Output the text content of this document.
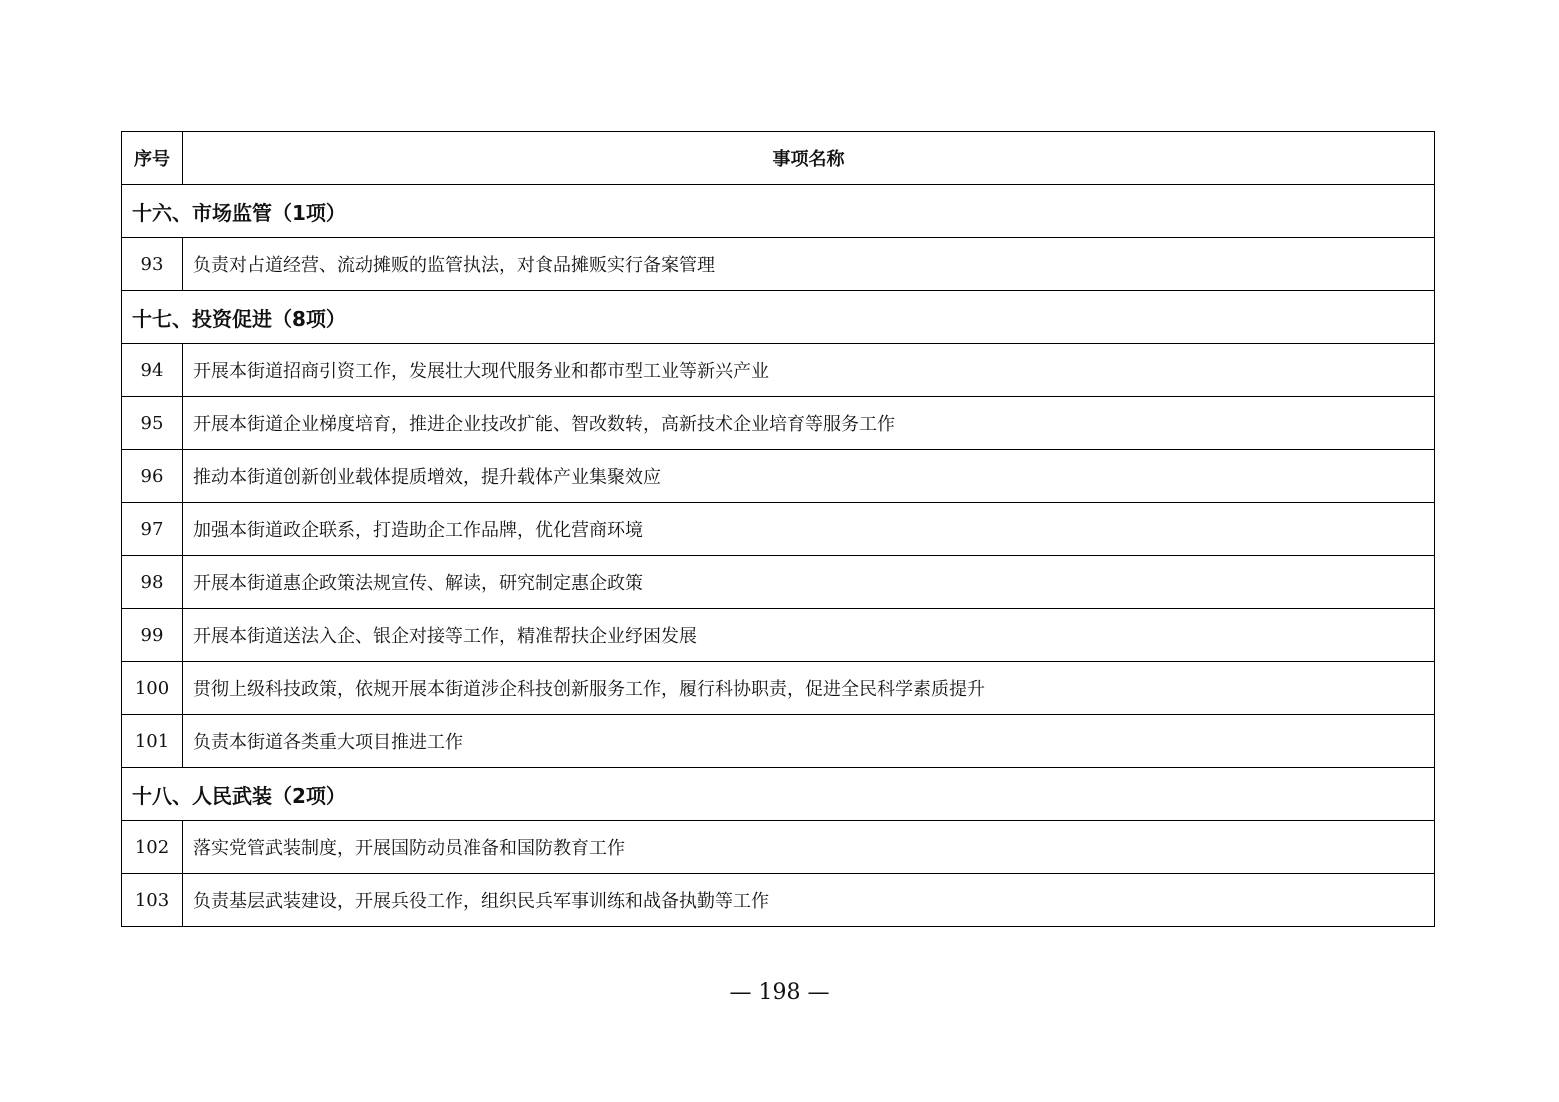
序号	事项名称
十六、市场监管（1项）	
93	负责对占道经营、流动摊贩的监管执法，对食品摊贩实行备案管理
十七、投资促进（8项）	
94	开展本街道招商引资工作，发展壮大现代服务业和都市型工业等新兴产业
95	开展本街道企业梯度培育，推进企业技改扩能、智改数转，高新技术企业培育等服务工作
96	推动本街道创新创业载体提质增效，提升载体产业集聚效应
97	加强本街道政企联系，打造助企工作品牌，优化营商环境
98	开展本街道惠企政策法规宣传、解读，研究制定惠企政策
99	开展本街道送法入企、银企对接等工作，精准帮扶企业纾困发展
100	贯彻上级科技政策，依规开展本街道涉企科技创新服务工作，履行科协职责，促进全民科学素质提升
101	负责本街道各类重大项目推进工作
十八、人民武装（2项）	
102	落实党管武装制度，开展国防动员准备和国防教育工作
103	负责基层武装建设，开展兵役工作，组织民兵军事训练和战备执勤等工作
— 198 —
